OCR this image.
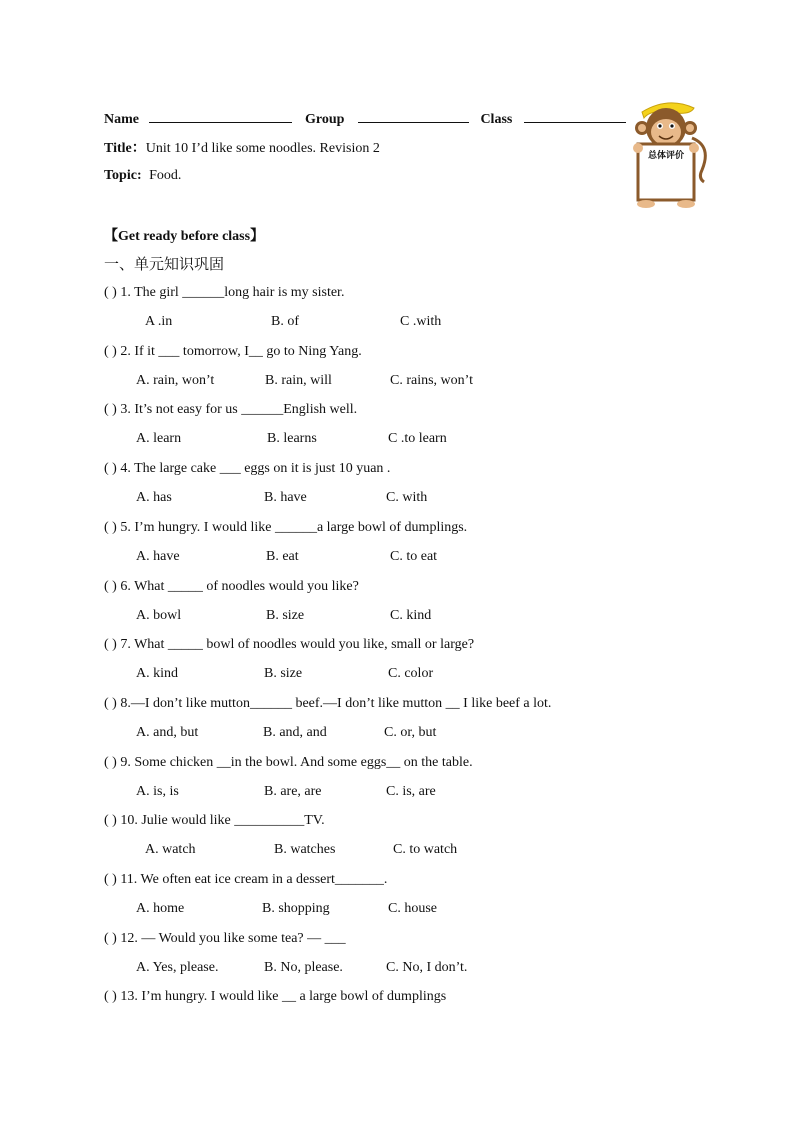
Name	Group	Class
Title：Unit 10 I’d like some noodles. Revision 2
Topic: Food.
总体评价
【Get ready before class】
一、单元知识巩固
( ) 1. The girl ______long hair is my sister.
A .in	B. of	C .with
( ) 2. If it ___ tomorrow, I__ go to Ning Yang.
A. rain, won’t	B. rain, will	C. rains, won’t
( ) 3. It’s not easy for us ______English well.
A. learn	B. learns	C .to learn
( ) 4. The large cake ___ eggs on it is just 10 yuan .
A. has	B. have	C. with
( ) 5. I’m hungry. I would like ______a large bowl of dumplings.
A. have	B. eat	C. to eat
( ) 6. What _____ of noodles would you like?
A. bowl	B. size	C. kind
( ) 7. What _____ bowl of noodles would you like, small or large?
A. kind	B. size	C. color
( ) 8.—I don’t like mutton______ beef.—I don’t like mutton __ I like beef a lot.
A. and, but	B. and, and	C. or, but
( ) 9. Some chicken __in the bowl. And some eggs__ on the table.
A. is, is	B. are, are	C. is, are
( ) 10. Julie would like __________TV.
A. watch	B. watches	C. to watch
( ) 11. We often eat ice cream in a dessert_______.
A. home	B. shopping	C. house
( ) 12. — Would you like some tea? — ___
A. Yes, please.	B. No, please.	C. No, I don’t.
( ) 13. I’m hungry. I would like __ a large bowl of dumplings
